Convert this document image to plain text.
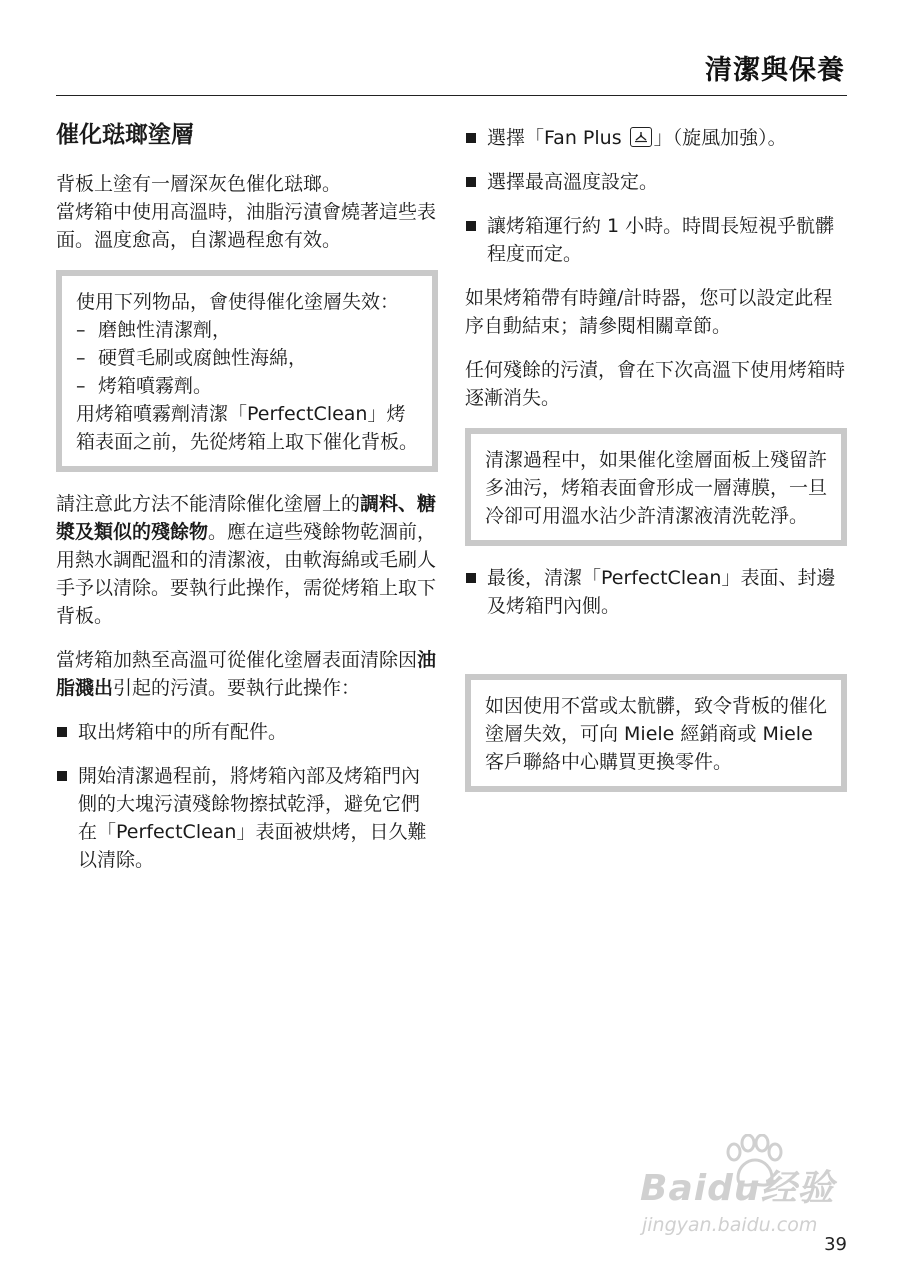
清潔與保養
催化琺瑯塗層

背板上塗有一層深灰色催化琺瑯。
當烤箱中使用高溫時，油脂污漬會燒著這些表面。溫度愈高，自潔過程愈有效。

使用下列物品，會使得催化塗層失效：
– 磨蝕性清潔劑，
– 硬質毛刷或腐蝕性海綿，
– 烤箱噴霧劑。
用烤箱噴霧劑清潔「PerfectClean」烤箱表面之前，先從烤箱上取下催化背板。

請注意此方法不能清除催化塗層上的調料、糖漿及類似的殘餘物。應在這些殘餘物乾涸前，用熱水調配溫和的清潔液，由軟海綿或毛刷人手予以清除。要執行此操作，需從烤箱上取下背板。

當烤箱加熱至高溫可從催化塗層表面清除因油脂濺出引起的污漬。要執行此操作：

取出烤箱中的所有配件。
開始清潔過程前，將烤箱內部及烤箱門內側的大塊污漬殘餘物擦拭乾淨，避免它們在「PerfectClean」表面被烘烤，日久難以清除。
選擇「Fan Plus
」（旋風加強）。
選擇最高溫度設定。
讓烤箱運行約 1 小時。時間長短視乎骯髒程度而定。

如果烤箱帶有時鐘/計時器，您可以設定此程序自動結束；請參閱相關章節。

任何殘餘的污漬，會在下次高溫下使用烤箱時逐漸消失。

清潔過程中，如果催化塗層面板上殘留許多油污，烤箱表面會形成一層薄膜，一旦冷卻可用溫水沾少許清潔液清洗乾淨。
最後，清潔「PerfectClean」表面、封邊及烤箱門內側。
如因使用不當或太骯髒，致令背板的催化塗層失效，可向 Miele 經銷商或 Miele 客戶聯絡中心購買更換零件。
Baidu经验
jingyan.baidu.com
39
